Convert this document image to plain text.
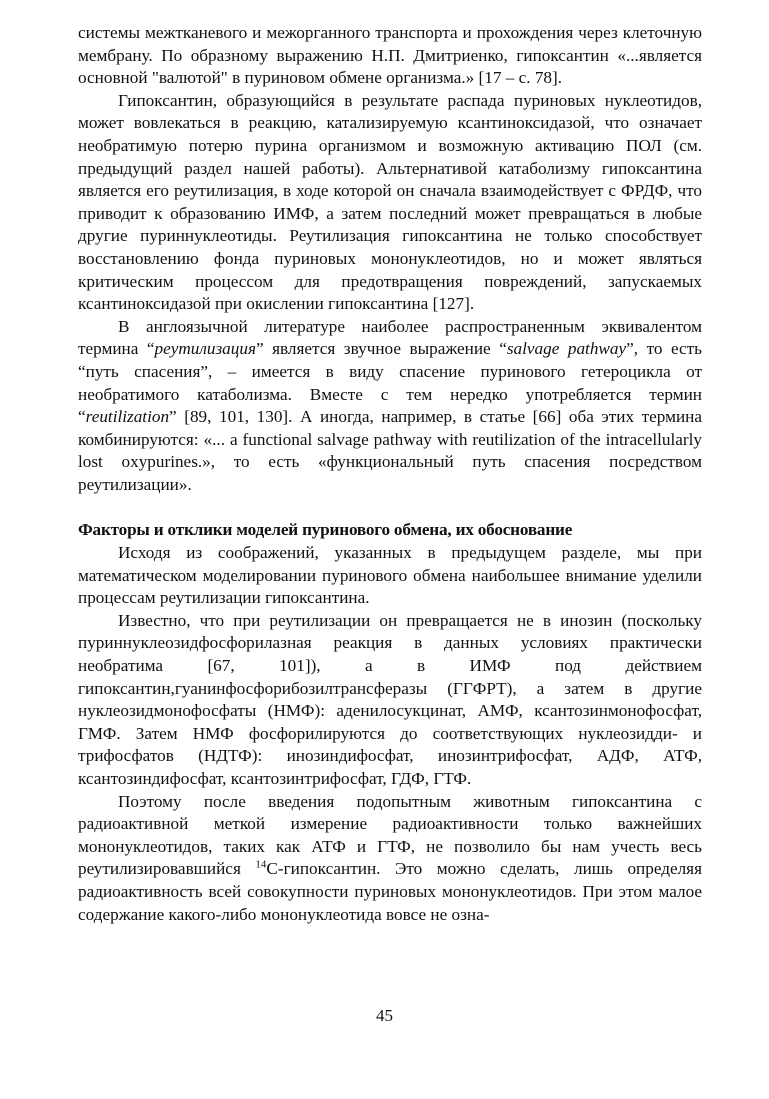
системы межтканевого и межорганного транспорта и прохождения через клеточную мембрану. По образному выражению Н.П. Дмитриенко, гипоксантин «...является основной "валютой" в пуриновом обмене организма.» [17 – с. 78].

Гипоксантин, образующийся в результате распада пуриновых нуклеотидов, может вовлекаться в реакцию, катализируемую ксантиноксидазой, что означает необратимую потерю пурина организмом и возможную активацию ПОЛ (см. предыдущий раздел нашей работы). Альтернативой катаболизму гипоксантина является его реутилизация, в ходе которой он сначала взаимодействует с ФРДФ, что приводит к образованию ИМФ, а затем последний может превращаться в любые другие пуриннуклеотиды. Реутилизация гипоксантина не только способствует восстановлению фонда пуриновых мононуклеотидов, но и может являться критическим процессом для предотвращения повреждений, запускаемых ксантиноксидазой при окислении гипоксантина [127].

В англоязычной литературе наиболее распространенным эквивалентом термина “реутилизация” является звучное выражение “salvage pathway”, то есть “путь спасения”, – имеется в виду спасение пуринового гетероцикла от необратимого катаболизма. Вместе с тем нередко употребляется термин “reutilization” [89, 101, 130]. А иногда, например, в статье [66] оба этих термина комбинируются: «... a functional salvage pathway with reutilization of the intracellularly lost oxypurines.», то есть «функциональный путь спасения посредством реутилизации».

Факторы и отклики моделей пуринового обмена, их обоснование

Исходя из соображений, указанных в предыдущем разделе, мы при математическом моделировании пуринового обмена наибольшее внимание уделили процессам реутилизации гипоксантина.

Известно, что при реутилизации он превращается не в инозин (поскольку пуриннуклеозидфосфорилазная реакция в данных условиях практически необратима [67, 101]), а в ИМФ под действием гипоксантин,гуанинфосфорибозилтрансферазы (ГГФРТ), а затем в другие нуклеозидмонофосфаты (НМФ): аденилосукцинат, АМФ, ксантозинмонофосфат, ГМФ. Затем НМФ фосфорилируются до соответствующих нуклеозидди- и трифосфатов (НДТФ): инозиндифосфат, инозинтрифосфат, АДФ, АТФ, ксантозиндифосфат, ксантозинтрифосфат, ГДФ, ГТФ.

Поэтому после введения подопытным животным гипоксантина с радиоактивной меткой измерение радиоактивности только важнейших мононуклеотидов, таких как АТФ и ГТФ, не позволило бы нам учесть весь реутилизировавшийся $^{14}$С-гипоксантин. Это можно сделать, лишь определяя радиоактивность всей совокупности пуриновых мононуклеотидов. При этом малое содержание какого-либо мононуклеотида вовсе не озна-

45
